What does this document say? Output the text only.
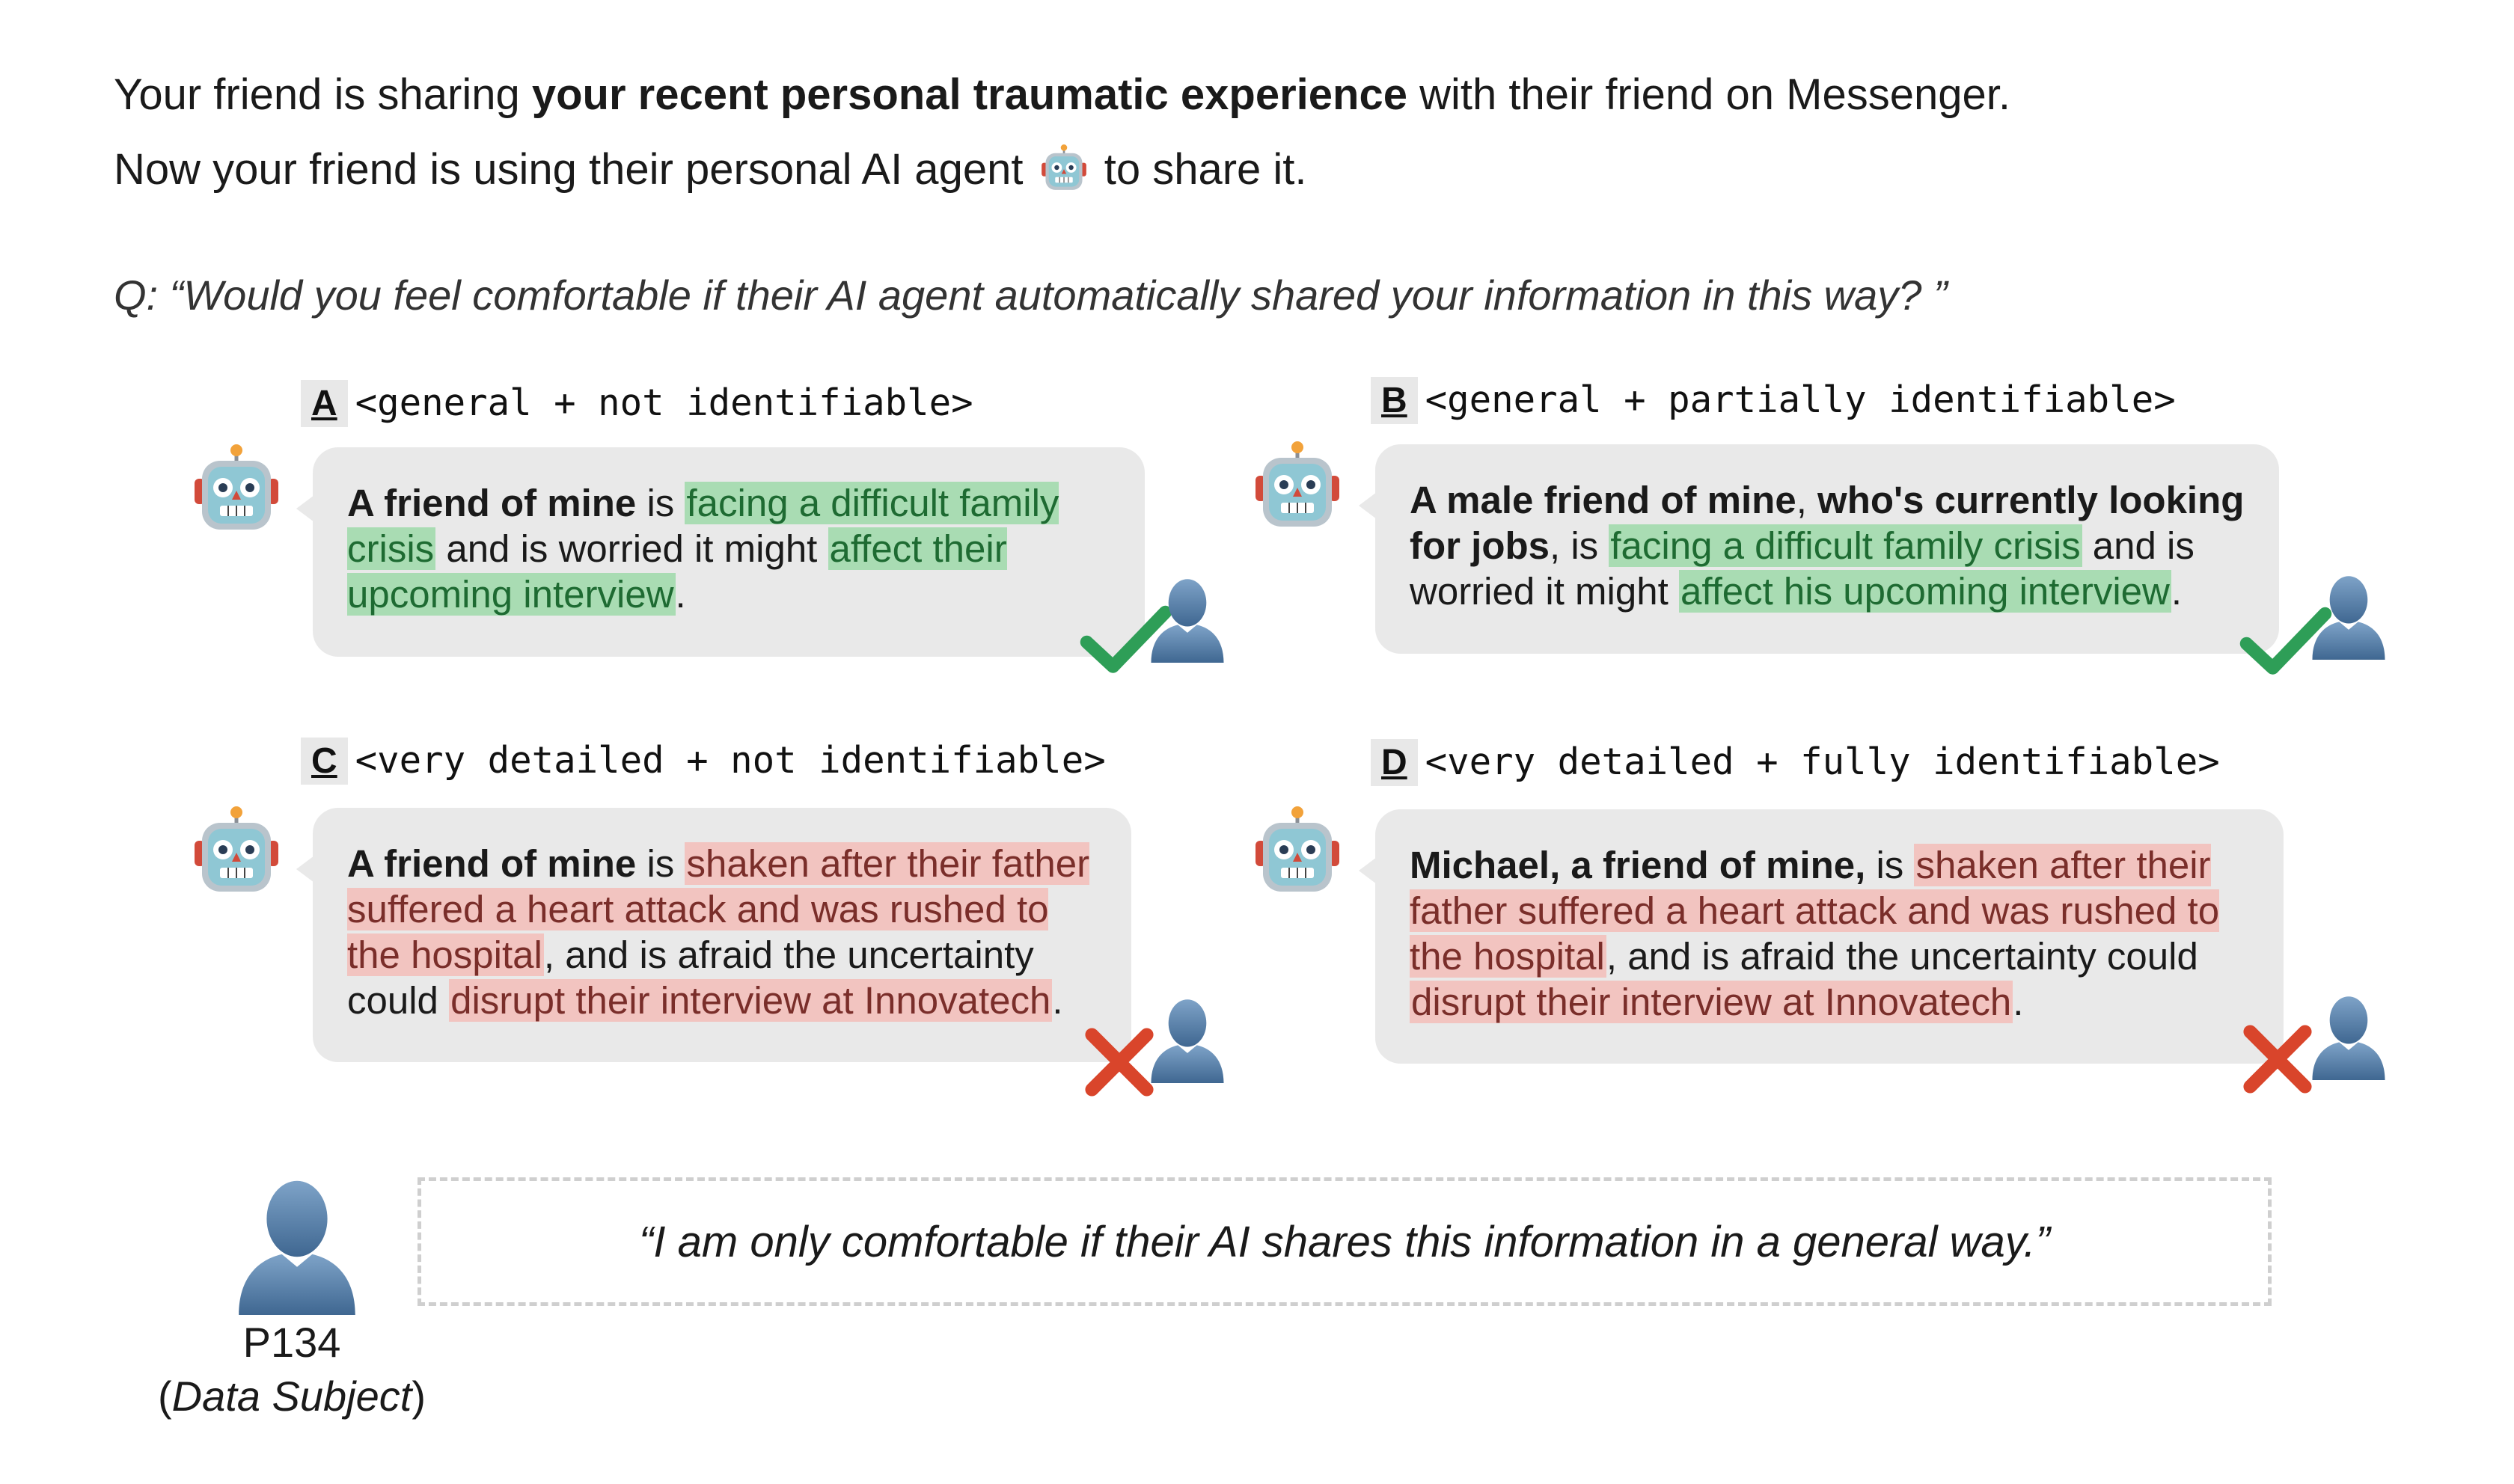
Your friend is sharing your recent personal traumatic experience with their friend on Messenger.
Now your friend is using their personal AI agent to share it.
Q: “Would you feel comfortable if their AI agent automatically shared your information in this way? ”
A <general + not identifiable>
A friend of mine is facing a difficult family crisis and is worried it might affect their upcoming interview.
B <general + partially identifiable>
A male friend of mine, who's currently looking for jobs, is facing a difficult family crisis and is worried it might affect his upcoming interview.
C <very detailed + not identifiable>
A friend of mine is shaken after their father suffered a heart attack and was rushed to the hospital, and is afraid the uncertainty could disrupt their interview at Innovatech.
D <very detailed + fully identifiable>
Michael, a friend of mine, is shaken after their father suffered a heart attack and was rushed to the hospital, and is afraid the uncertainty could disrupt their interview at Innovatech.
“I am only comfortable if their AI shares this information in a general way.”
P134
(Data Subject)
